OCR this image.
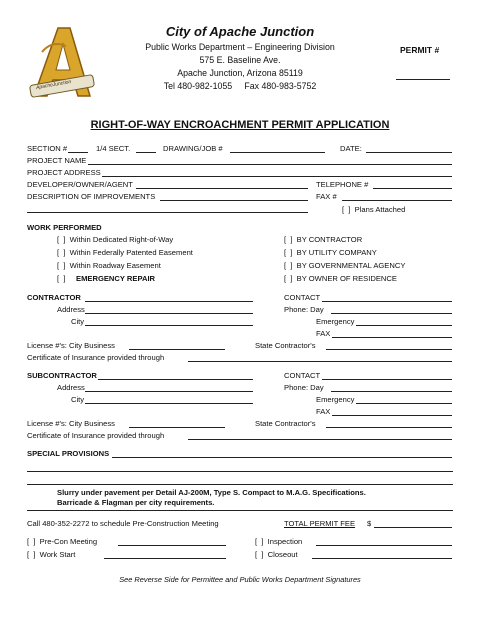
ApacheJunction
City of Apache Junction
Public Works Department – Engineering Division
575 E. Baseline Ave.
Apache Junction, Arizona 85119
Tel 480-982-1055     Fax 480-983-5752
PERMIT #
RIGHT-OF-WAY ENCROACHMENT PERMIT APPLICATION
SECTION #	1/4 SECT.	DRAWING/JOB #	DATE:
PROJECT NAME
PROJECT ADDRESS
DEVELOPER/OWNER/AGENT	TELEPHONE #
DESCRIPTION OF IMPROVEMENTS	FAX #
[  ]  Plans Attached
WORK PERFORMED
[  ]  Within Dedicated Right-of-Way
[  ]  Within Federally Patented Easement
[  ]  Within Roadway Easement
[  ] EMERGENCY REPAIR
[  ]  BY CONTRACTOR
[  ]  BY UTILITY COMPANY
[  ]  BY GOVERNMENTAL AGENCY
[  ]  BY OWNER OF RESIDENCE
CONTRACTOR
Address
City
CONTACT
Phone: Day
Emergency
FAX
License #'s: City Business	State Contractor's
Certificate of Insurance provided through
SUBCONTRACTOR
Address
City
CONTACT
Phone: Day
Emergency
FAX
License #'s: City Business	State Contractor's
Certificate of Insurance provided through
SPECIAL PROVISIONS
Slurry under pavement per Detail AJ-200M, Type S. Compact to M.A.G. Specifications.
Barricade & Flagman per city requirements.
Call 480-352-2272 to schedule Pre-Construction Meeting	TOTAL PERMIT FEE $
[  ]  Pre-Con Meeting
[  ]  Work Start
[  ]  Inspection
[  ]  Closeout
See Reverse Side for Permittee and Public Works Department Signatures
